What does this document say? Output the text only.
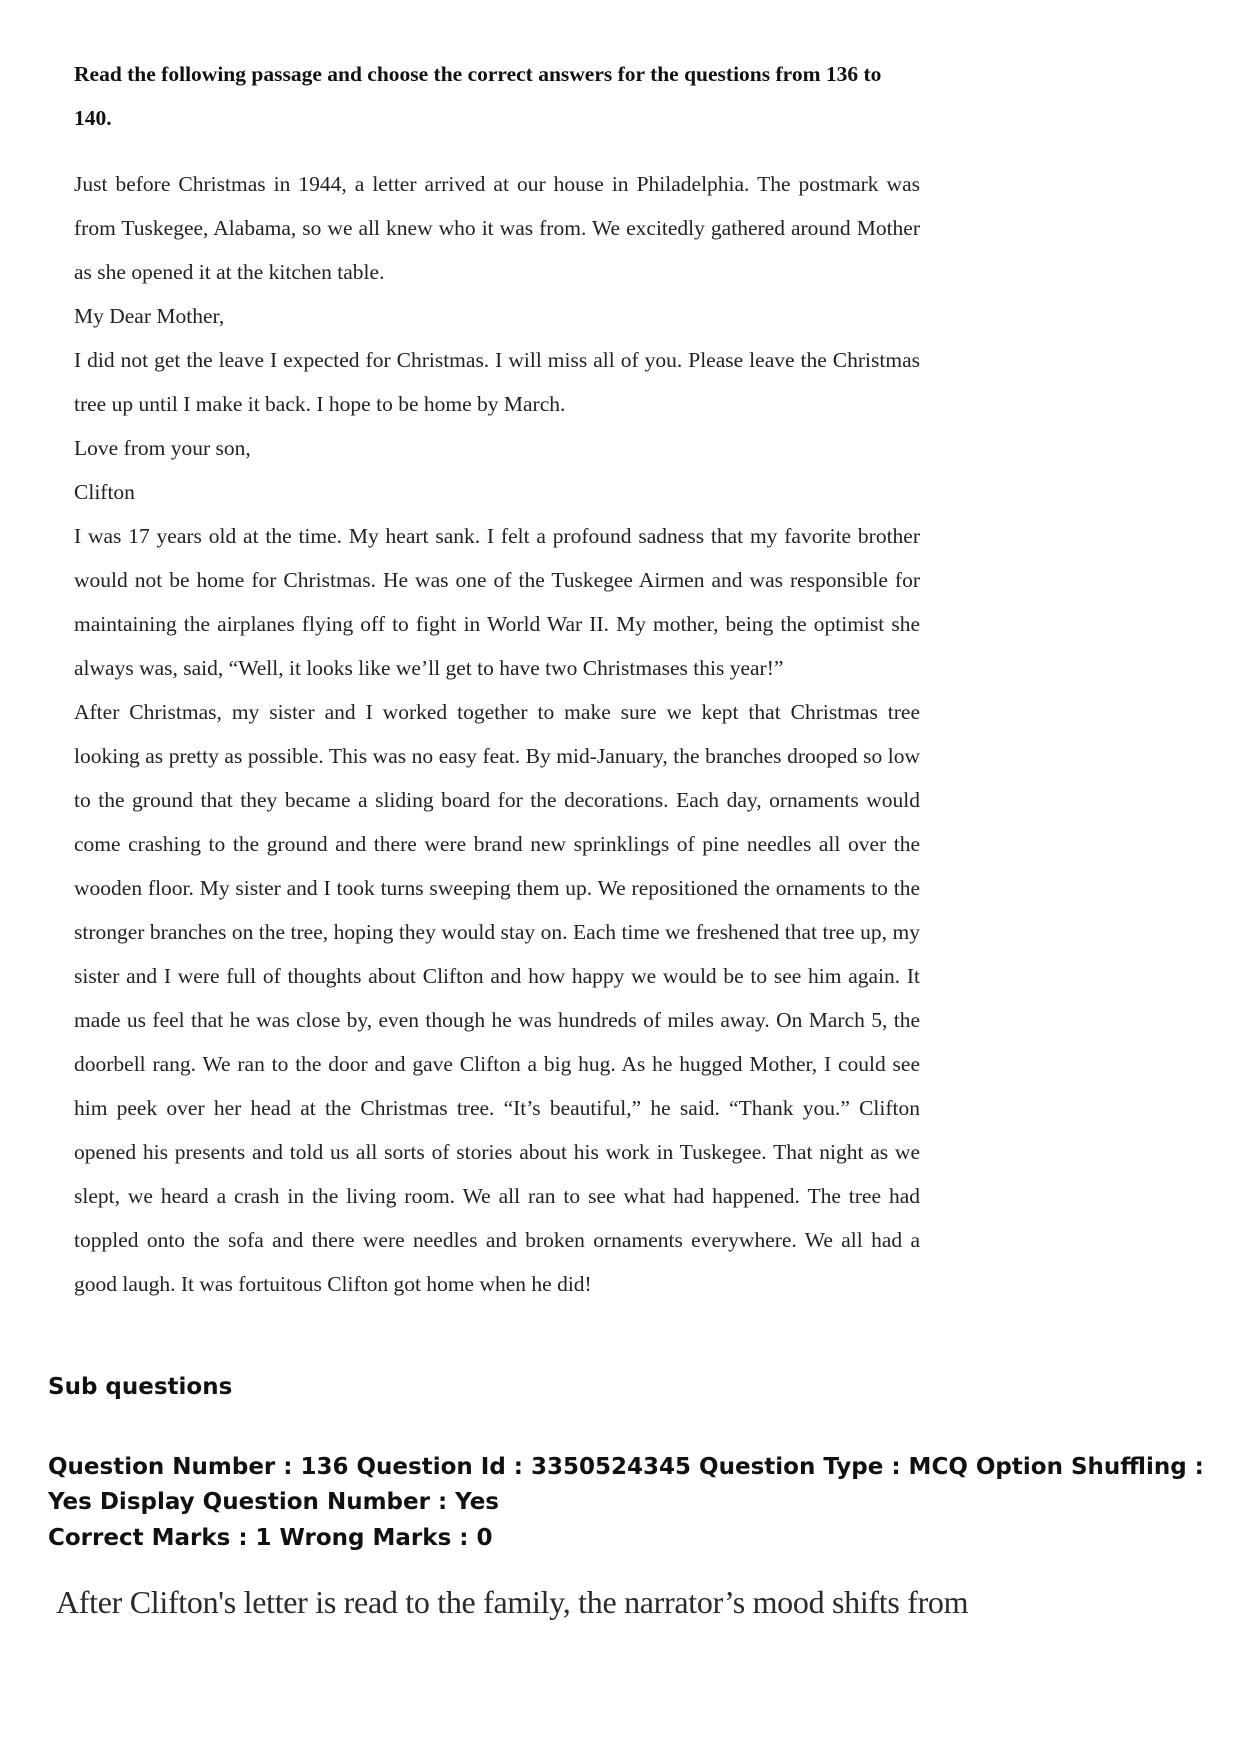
Read the following passage and choose the correct answers for the questions from 136 to 140.

Just before Christmas in 1944, a letter arrived at our house in Philadelphia. The postmark was from Tuskegee, Alabama, so we all knew who it was from. We excitedly gathered around Mother as she opened it at the kitchen table.

My Dear Mother,

I did not get the leave I expected for Christmas. I will miss all of you. Please leave the Christmas tree up until I make it back. I hope to be home by March.

Love from your son,

Clifton

I was 17 years old at the time. My heart sank. I felt a profound sadness that my favorite brother would not be home for Christmas. He was one of the Tuskegee Airmen and was responsible for maintaining the airplanes flying off to fight in World War II. My mother, being the optimist she always was, said, “Well, it looks like we’ll get to have two Christmases this year!”

After Christmas, my sister and I worked together to make sure we kept that Christmas tree looking as pretty as possible. This was no easy feat. By mid-January, the branches drooped so low to the ground that they became a sliding board for the decorations. Each day, ornaments would come crashing to the ground and there were brand new sprinklings of pine needles all over the wooden floor. My sister and I took turns sweeping them up. We repositioned the ornaments to the stronger branches on the tree, hoping they would stay on. Each time we freshened that tree up, my sister and I were full of thoughts about Clifton and how happy we would be to see him again. It made us feel that he was close by, even though he was hundreds of miles away. On March 5, the doorbell rang. We ran to the door and gave Clifton a big hug. As he hugged Mother, I could see him peek over her head at the Christmas tree. “It’s beautiful,” he said. “Thank you.” Clifton opened his presents and told us all sorts of stories about his work in Tuskegee. That night as we slept, we heard a crash in the living room. We all ran to see what had happened. The tree had toppled onto the sofa and there were needles and broken ornaments everywhere. We all had a good laugh. It was fortuitous Clifton got home when he did!

Sub questions
Question Number : 136 Question Id : 3350524345 Question Type : MCQ Option Shuffling : Yes Display Question Number : Yes
Correct Marks : 1 Wrong Marks : 0
After Clifton's letter is read to the family, the narrator’s mood shifts from
